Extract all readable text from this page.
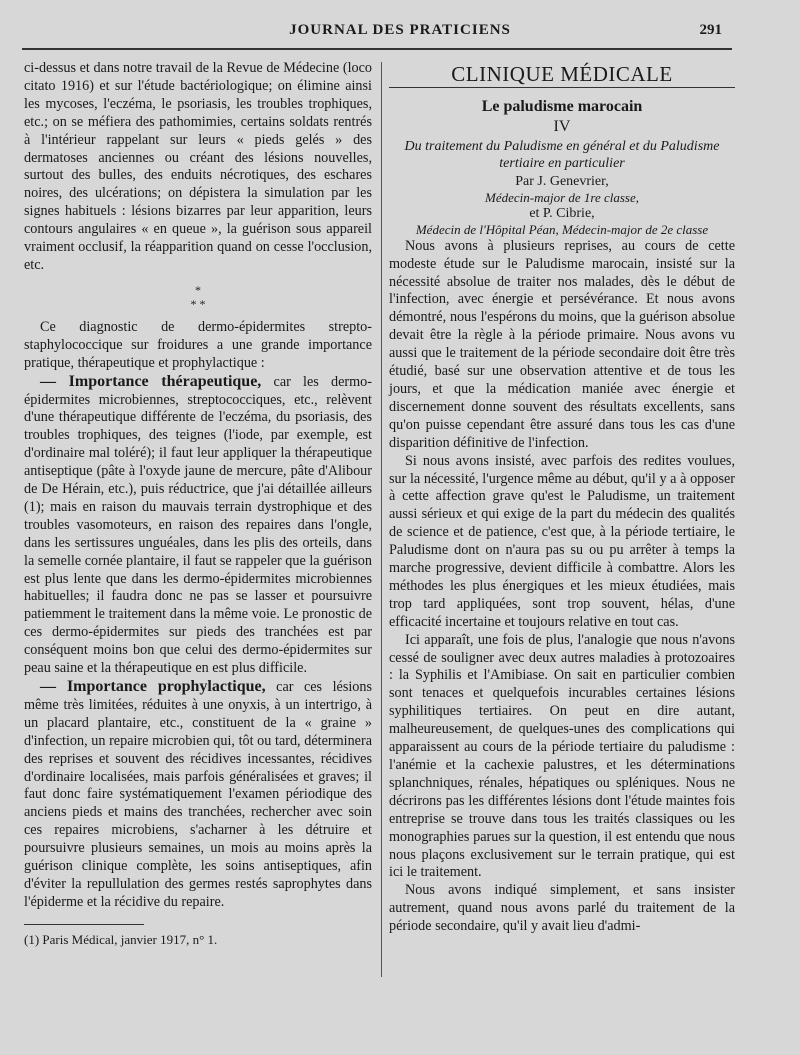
JOURNAL DES PRATICIENS	291

ci-dessus et dans notre travail de la Revue de Médecine (loco citato 1916) et sur l'étude bactériologique; on élimine ainsi les mycoses, l'eczéma, le psoriasis, les troubles trophiques, etc.; on se méfiera des pathomimies, certains soldats rentrés à l'intérieur rappelant sur leurs « pieds gelés » des dermatoses anciennes ou créant des lésions nouvelles, surtout des bulles, des enduits nécrotiques, des eschares noires, des ulcérations; on dépistera la simulation par les signes habituels : lésions bizarres par leur apparition, leurs contours angulaires « en queue », la guérison sous appareil vraiment occlusif, la réapparition quand on cesse l'occlusion, etc.

*
* *

Ce diagnostic de dermo-épidermites strepto-staphylococcique sur froidures a une grande importance pratique, thérapeutique et prophylactique :

— Importance thérapeutique, car les dermo-épidermites microbiennes, streptococciques, etc., relèvent d'une thérapeutique différente de l'eczéma, du psoriasis, des troubles trophiques, des teignes (l'iode, par exemple, est d'ordinaire mal toléré); il faut leur appliquer la thérapeutique antiseptique (pâte à l'oxyde jaune de mercure, pâte d'Alibour de De Hérain, etc.), puis réductrice, que j'ai détaillée ailleurs (1); mais en raison du mauvais terrain dystrophique et des troubles vasomoteurs, en raison des repaires dans l'ongle, dans les sertissures unguéales, dans les plis des orteils, dans la semelle cornée plantaire, il faut se rappeler que la guérison est plus lente que dans les dermo-épidermites microbiennes habituelles; il faudra donc ne pas se lasser et poursuivre patiemment le traitement dans la même voie. Le pronostic de ces dermo-épidermites sur pieds des tranchées est par conséquent moins bon que celui des dermo-épidermites sur peau saine et la thérapeutique en est plus difficile.

— Importance prophylactique, car ces lésions même très limitées, réduites à une onyxis, à un intertrigo, à un placard plantaire, etc., constituent de la « graine » d'infection, un repaire microbien qui, tôt ou tard, déterminera des reprises et souvent des récidives incessantes, récidives d'ordinaire localisées, mais parfois généralisées et graves; il faut donc faire systématiquement l'examen périodique des anciens pieds et mains des tranchées, rechercher avec soin ces repaires microbiens, s'acharner à les détruire et poursuivre plusieurs semaines, un mois au moins après la guérison clinique complète, les soins antiseptiques, afin d'éviter la repullulation des germes restés saprophytes dans l'épiderme et la récidive du repaire.

(1) Paris Médical, janvier 1917, n° 1.

CLINIQUE MÉDICALE
Le paludisme marocain
IV
Du traitement du Paludisme en général et du Paludisme tertiaire en particulier
Par J. Genevrier,
Médecin-major de 1re classe,
et P. Cibrie,
Médecin de l'Hôpital Péan, Médecin-major de 2e classe

Nous avons à plusieurs reprises, au cours de cette modeste étude sur le Paludisme marocain, insisté sur la nécessité absolue de traiter nos malades, dès le début de l'infection, avec énergie et persévérance. Et nous avons démontré, nous l'espérons du moins, que la guérison absolue devait être la règle à la période primaire. Nous avons vu aussi que le traitement de la période secondaire doit être très étudié, basé sur une observation attentive et de tous les jours, et que la médication maniée avec énergie et discernement donne souvent des résultats excellents, sans qu'on puisse cependant être assuré dans tous les cas d'une disparition définitive de l'infection.

Si nous avons insisté, avec parfois des redites voulues, sur la nécessité, l'urgence même au début, qu'il y a à opposer à cette affection grave qu'est le Paludisme, un traitement aussi sérieux et qui exige de la part du médecin des qualités de science et de patience, c'est que, à la période tertiaire, le Paludisme dont on n'aura pas su ou pu arrêter à temps la marche progressive, devient difficile à combattre. Alors les méthodes les plus énergiques et les mieux étudiées, mais trop tard appliquées, sont trop souvent, hélas, d'une efficacité incertaine et toujours relative en tout cas.

Ici apparaît, une fois de plus, l'analogie que nous n'avons cessé de souligner avec deux autres maladies à protozoaires : la Syphilis et l'Amibiase. On sait en particulier combien sont tenaces et quelquefois incurables certaines lésions syphilitiques tertiaires. On peut en dire autant, malheureusement, de quelques-unes des complications qui apparaissent au cours de la période tertiaire du paludisme : l'anémie et la cachexie palustres, et les déterminations splanchniques, rénales, hépatiques ou spléniques. Nous ne décrirons pas les différentes lésions dont l'étude maintes fois entreprise se trouve dans tous les traités classiques ou les monographies parues sur la question, il est entendu que nous nous plaçons exclusivement sur le terrain pratique, qui est ici le traitement.

Nous avons indiqué simplement, et sans insister autrement, quand nous avons parlé du traitement de la période secondaire, qu'il y avait lieu d'admi-
